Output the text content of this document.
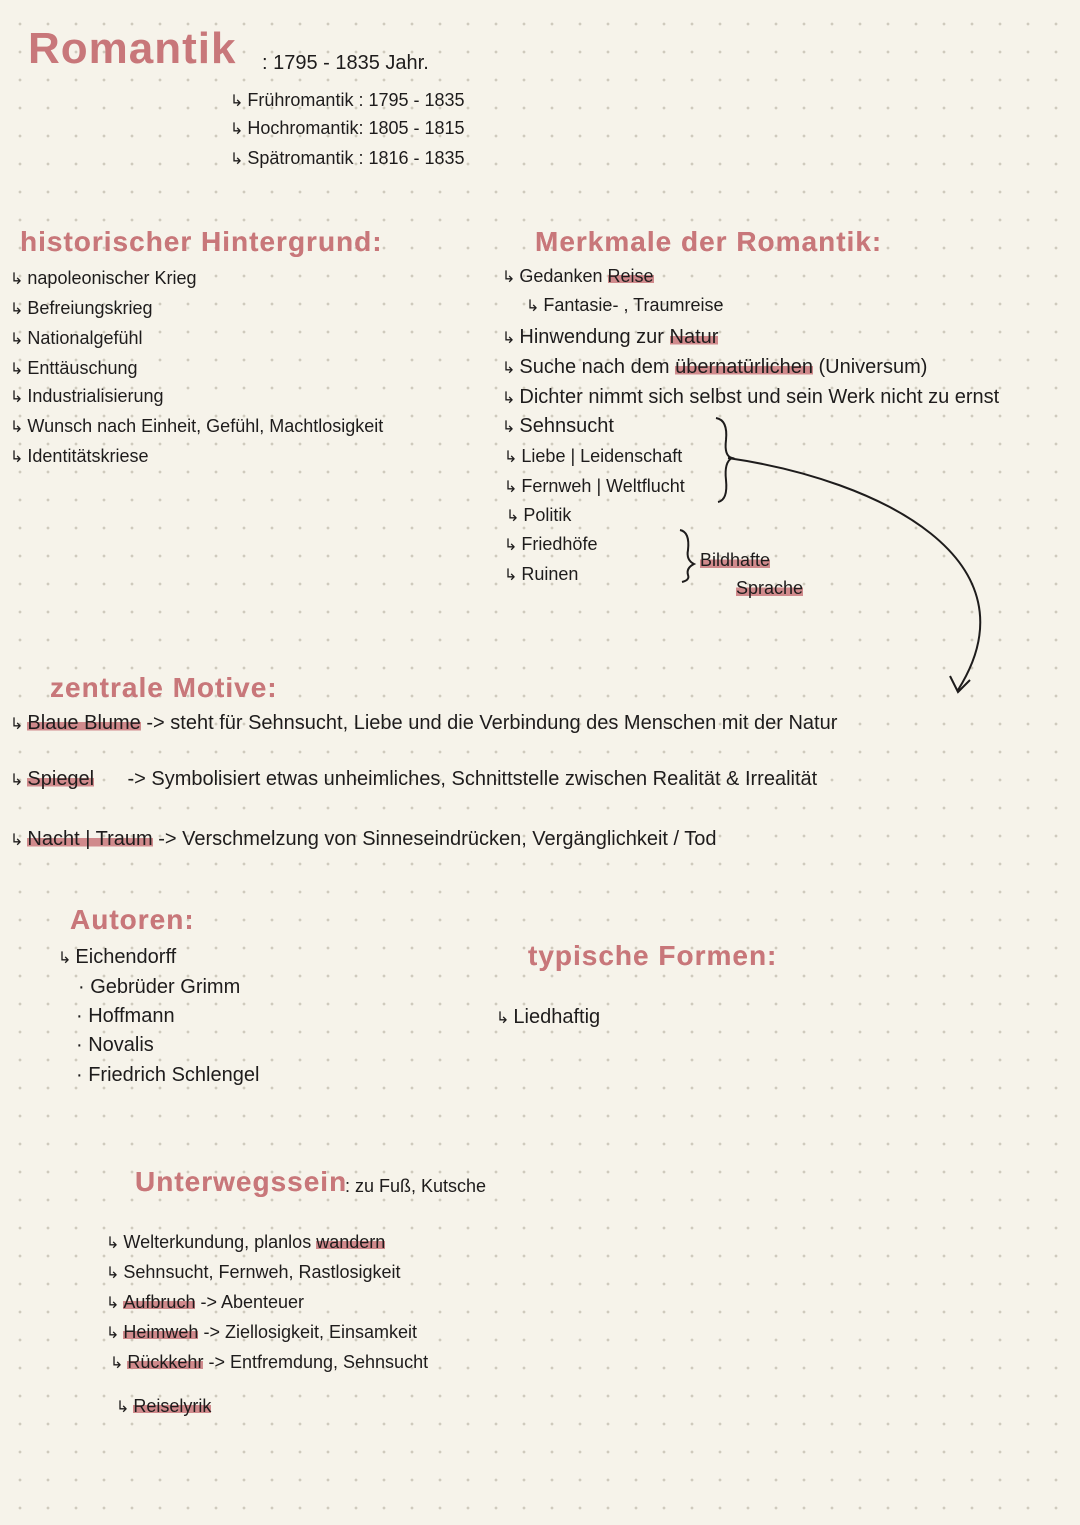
Romantik : 1795 - 1835 Jahr.
↳ Frühromantik : 1795 - 1835
↳ Hochromantik: 1805 - 1815
↳ Spätromantik : 1816 - 1835
historischer Hintergrund:
↳ napoleonischer Krieg
↳ Befreiungskrieg
↳ Nationalgefühl
↳ Enttäuschung
↳ Industrialisierung
↳ Wunsch nach Einheit, Gefühl, Machtlosigkeit
↳ Identitätskriese
Merkmale der Romantik:
↳ Gedanken Reise
↳ Fantasie- , Traumreise
↳ Hinwendung zur Natur
↳ Suche nach dem übernatürlichen (Universum)
↳ Dichter nimmt sich selbst und sein Werk nicht zu ernst
↳ Sehnsucht
↳ Liebe | Leidenschaft
↳ Fernweh | Weltflucht
↳ Politik
↳ Friedhöfe
↳ Ruinen
Bildhafte
Sprache
zentrale Motive:
↳ Blaue Blume -> steht für Sehnsucht, Liebe und die Verbindung des Menschen mit der Natur
↳ Spiegel -> Symbolisiert etwas unheimliches, Schnittstelle zwischen Realität & Irrealität
↳ Nacht | Traum -> Verschmelzung von Sinneseindrücken, Vergänglichkeit / Tod
Autoren:
↳ Eichendorff
· Gebrüder Grimm
· Hoffmann
· Novalis
· Friedrich Schlengel
typische Formen:
↳ Liedhaftig
Unterwegssein
: zu Fuß, Kutsche
↳ Welterkundung, planlos wandern
↳ Sehnsucht, Fernweh, Rastlosigkeit
↳ Aufbruch -> Abenteuer
↳ Heimweh -> Ziellosigkeit, Einsamkeit
↳ Rückkehr -> Entfremdung, Sehnsucht
↳ Reiselyrik
